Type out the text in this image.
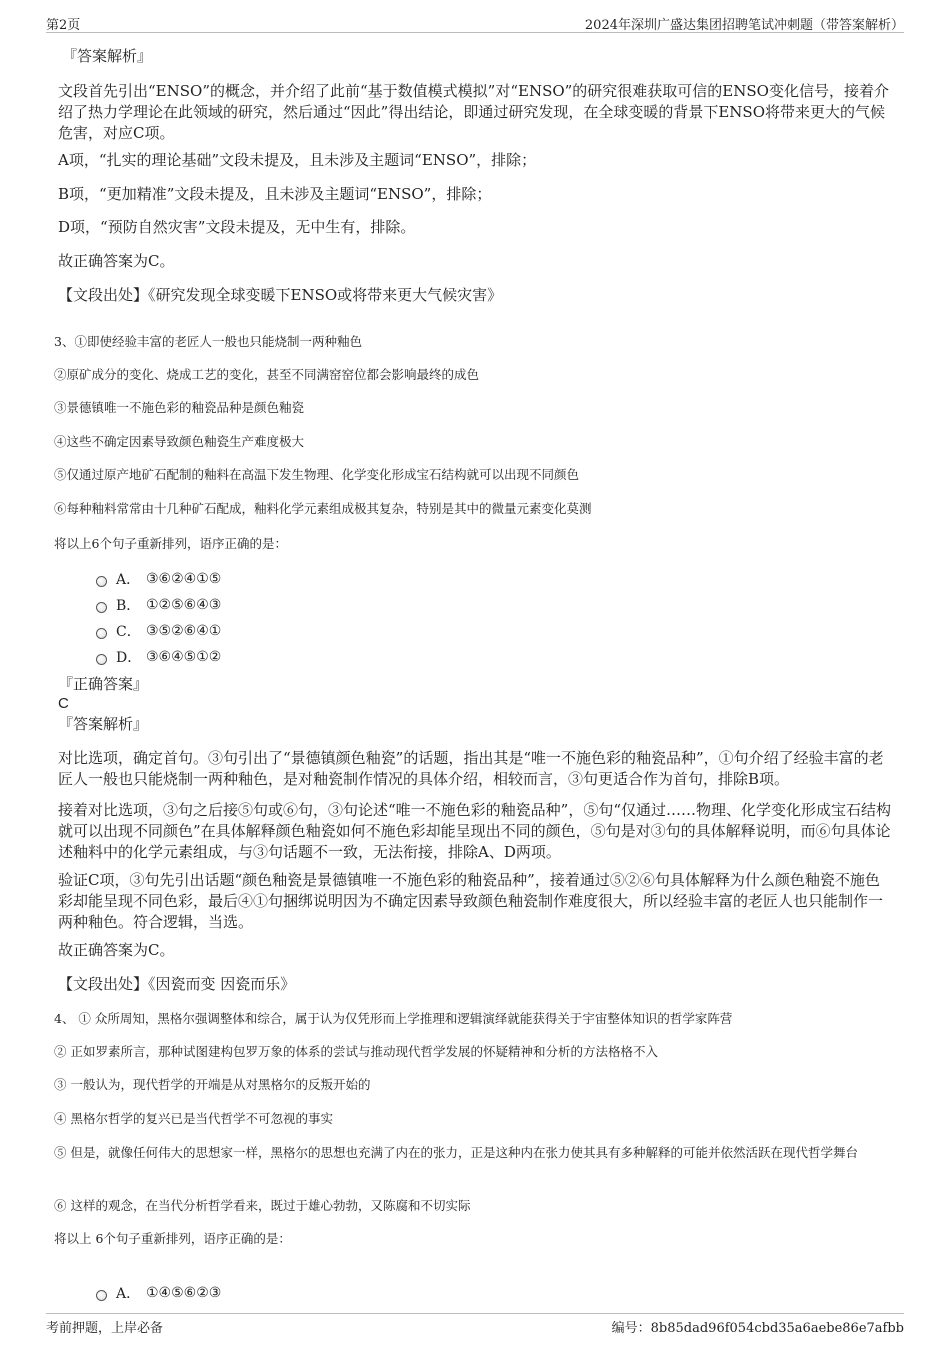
第2页	2024年深圳广盛达集团招聘笔试冲刺题（带答案解析）
『答案解析』
文段首先引出“ENSO”的概念，并介绍了此前“基于数值模式模拟”对“ENSO”的研究很难获取可信的ENSO变化信号，接着介绍了热力学理论在此领域的研究，然后通过“因此”得出结论，即通过研究发现，在全球变暖的背景下ENSO将带来更大的气候危害，对应C项。
A项，“扎实的理论基础”文段未提及，且未涉及主题词“ENSO”，排除；
B项，“更加精准”文段未提及，且未涉及主题词“ENSO”，排除；
D项，“预防自然灾害”文段未提及，无中生有，排除。
故正确答案为C。
【文段出处】《研究发现全球变暖下ENSO或将带来更大气候灾害》
3、①即使经验丰富的老匠人一般也只能烧制一两种釉色
②原矿成分的变化、烧成工艺的变化，甚至不同满窑窑位都会影响最终的成色
③景德镇唯一不施色彩的釉瓷品种是颜色釉瓷
④这些不确定因素导致颜色釉瓷生产难度极大
⑤仅通过原产地矿石配制的釉料在高温下发生物理、化学变化形成宝石结构就可以出现不同颜色
⑥每种釉料常常由十几种矿石配成，釉料化学元素组成极其复杂，特别是其中的微量元素变化莫测
将以上6个句子重新排列，语序正确的是：
A． ③⑥②④①⑤
B． ①②⑤⑥④③
C． ③⑤②⑥④①
D． ③⑥④⑤①②
『正确答案』
C
『答案解析』
对比选项，确定首句。③句引出了“景德镇颜色釉瓷”的话题，指出其是“唯一不施色彩的釉瓷品种”，①句介绍了经验丰富的老匠人一般也只能烧制一两种釉色，是对釉瓷制作情况的具体介绍，相较而言，③句更适合作为首句，排除B项。
接着对比选项，③句之后接⑤句或⑥句，③句论述“唯一不施色彩的釉瓷品种”，⑤句“仅通过……物理、化学变化形成宝石结构就可以出现不同颜色”在具体解释颜色釉瓷如何不施色彩却能呈现出不同的颜色，⑤句是对③句的具体解释说明，而⑥句具体论述釉料中的化学元素组成，与③句话题不一致，无法衔接，排除A、D两项。
验证C项，③句先引出话题“颜色釉瓷是景德镇唯一不施色彩的釉瓷品种”，接着通过⑤②⑥句具体解释为什么颜色釉瓷不施色彩却能呈现不同色彩，最后④①句捆绑说明因为不确定因素导致颜色釉瓷制作难度很大，所以经验丰富的老匠人也只能制作一两种釉色。符合逻辑，当选。
故正确答案为C。
【文段出处】《因瓷而变 因瓷而乐》
4、 ① 众所周知，黑格尔强调整体和综合，属于认为仅凭形而上学推理和逻辑演绎就能获得关于宇宙整体知识的哲学家阵营
② 正如罗素所言，那种试图建构包罗万象的体系的尝试与推动现代哲学发展的怀疑精神和分析的方法格格不入
③ 一般认为，现代哲学的开端是从对黑格尔的反叛开始的
④ 黑格尔哲学的复兴已是当代哲学不可忽视的事实
⑤ 但是，就像任何伟大的思想家一样，黑格尔的思想也充满了内在的张力，正是这种内在张力使其具有多种解释的可能并依然活跃在现代哲学舞台
⑥ 这样的观念，在当代分析哲学看来，既过于雄心勃勃，又陈腐和不切实际
将以上 6个句子重新排列，语序正确的是：
A． ①④⑤⑥②③
考前押题，上岸必备	编号：8b85dad96f054cbd35a6aebe86e7afbb
